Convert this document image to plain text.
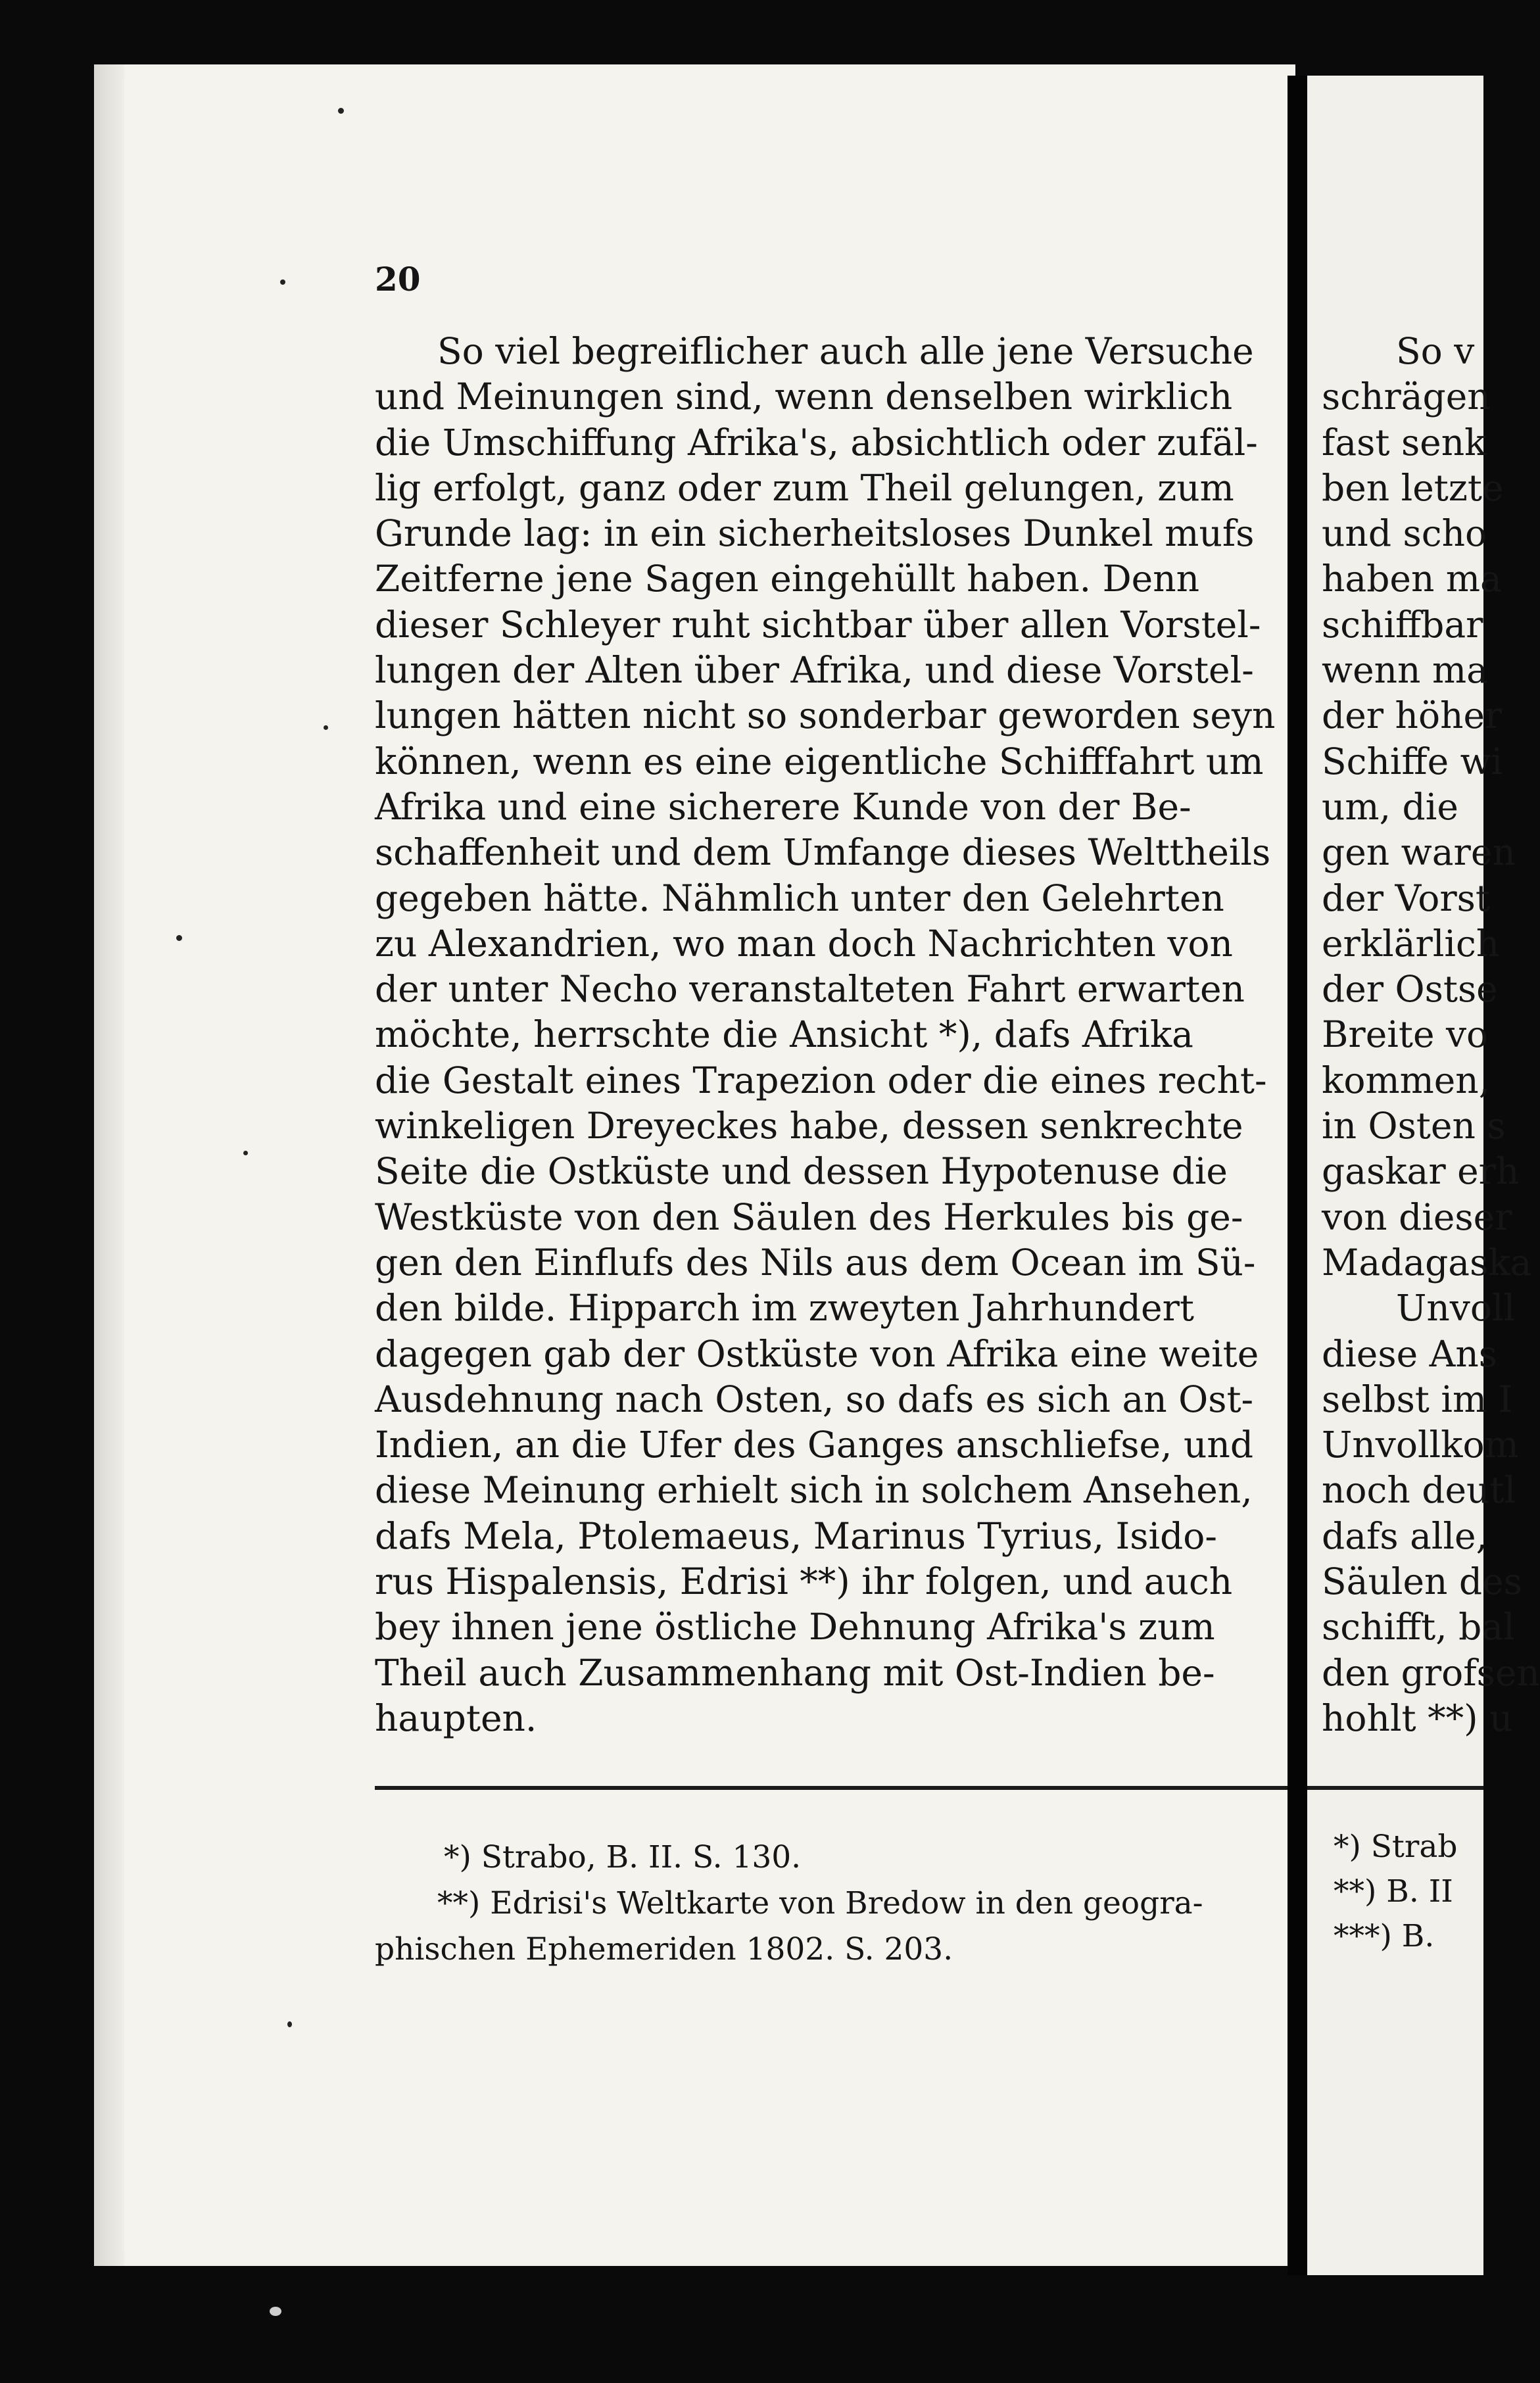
20
So viel begreiflicher auch alle jene Versuche
und Meinungen sind, wenn denselben wirklich
die Umschiffung Afrika's, absichtlich oder zufäl-
lig erfolgt, ganz oder zum Theil gelungen, zum
Grunde lag: in ein sicherheitsloses Dunkel mufs
Zeitferne jene Sagen eingehüllt haben. Denn
dieser Schleyer ruht sichtbar über allen Vorstel-
lungen der Alten über Afrika, und diese Vorstel-
lungen hätten nicht so sonderbar geworden seyn
können, wenn es eine eigentliche Schifffahrt um
Afrika und eine sicherere Kunde von der Be-
schaffenheit und dem Umfange dieses Welttheils
gegeben hätte. Nähmlich unter den Gelehrten
zu Alexandrien, wo man doch Nachrichten von
der unter Necho veranstalteten Fahrt erwarten
möchte, herrschte die Ansicht *), dafs Afrika
die Gestalt eines Trapezion oder die eines recht-
winkeligen Dreyeckes habe, dessen senkrechte
Seite die Ostküste und dessen Hypotenuse die
Westküste von den Säulen des Herkules bis ge-
gen den Einflufs des Nils aus dem Ocean im Sü-
den bilde. Hipparch im zweyten Jahrhundert
dagegen gab der Ostküste von Afrika eine weite
Ausdehnung nach Osten, so dafs es sich an Ost-
Indien, an die Ufer des Ganges anschliefse, und
diese Meinung erhielt sich in solchem Ansehen,
dafs Mela, Ptolemaeus, Marinus Tyrius, Isido-
rus Hispalensis, Edrisi **) ihr folgen, und auch
bey ihnen jene östliche Dehnung Afrika's zum
Theil auch Zusammenhang mit Ost-Indien be-
haupten.
*) Strabo, B. II. S. 130.
**) Edrisi's Weltkarte von Bredow in den geogra-
phischen Ephemeriden 1802. S. 203.
So v
schrägen
fast senk
ben letzte
und scho
haben ma
schiffbar
wenn ma
der höher
Schiffe wi
um, die
gen waren
der Vorst
erklärlich
der Ostse
Breite vo
kommen,
in Osten s
gaskar erh
von dieser
Madagaska
Unvoll
diese Ans
selbst im I
Unvollkom
noch deutl
dafs alle,
Säulen des
schifft, bal
den grofsen
hohlt **) u
*) Strab
**) B. II
***) B.
